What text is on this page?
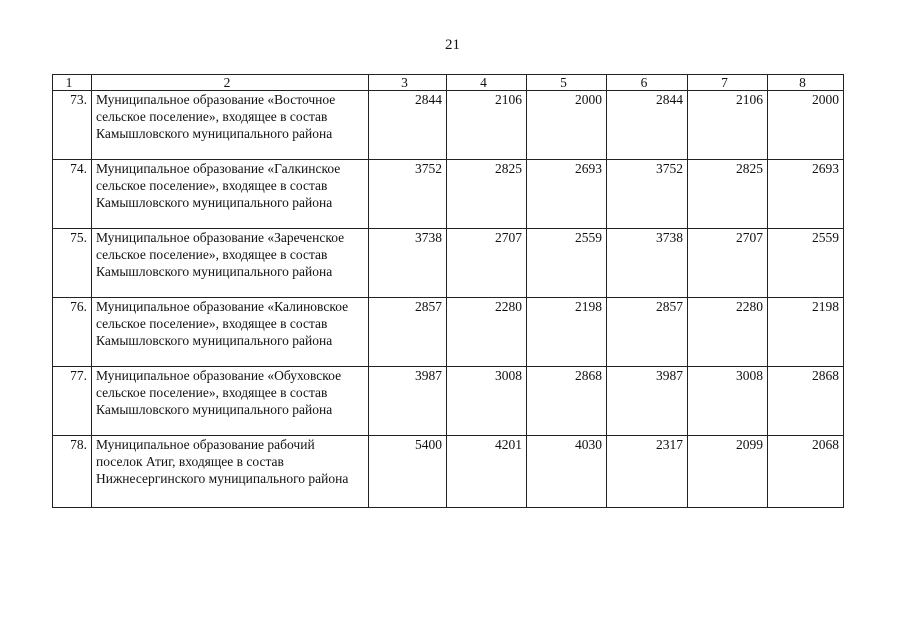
21
1	2	3	4	5	6	7	8
73.	Муниципальное образование «Восточное сельское поселение», входящее в состав Камышловского муниципального района	2844	2106	2000	2844	2106	2000
74.	Муниципальное образование «Галкинское сельское поселение», входящее в состав Камышловского муниципального района	3752	2825	2693	3752	2825	2693
75.	Муниципальное образование «Зареченское сельское поселение», входящее в состав Камышловского муниципального района	3738	2707	2559	3738	2707	2559
76.	Муниципальное образование «Калиновское сельское поселение», входящее в состав Камышловского муниципального района	2857	2280	2198	2857	2280	2198
77.	Муниципальное образование «Обуховское сельское поселение», входящее в состав Камышловского муниципального района	3987	3008	2868	3987	3008	2868
78.	Муниципальное образование рабочий поселок Атиг, входящее в состав Нижнесергинского муниципального района	5400	4201	4030	2317	2099	2068
